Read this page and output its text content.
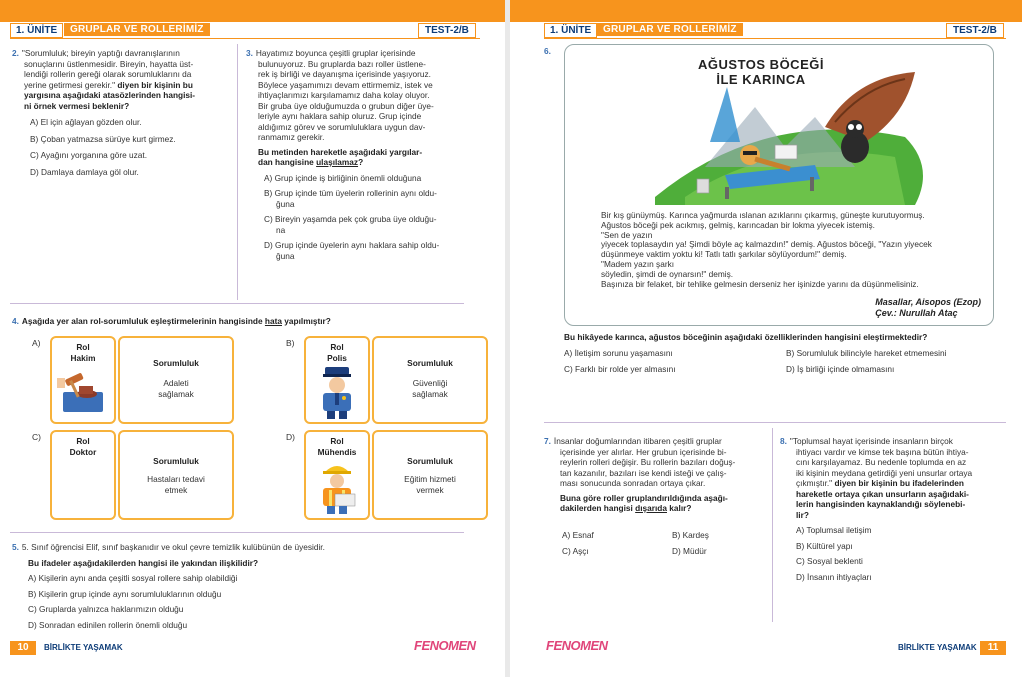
1. ÜNİTE	GRUPLAR VE ROLLERİMİZ	TEST-2/B
2. "Sorumluluk; bireyin yaptığı davranışlarının
sonuçlarını üstlenmesidir. Bireyin, hayatta üst-
lendiği rollerin gereği olarak sorumluklarını da
yerine getirmesi gerekir." diyen bir kişinin bu
yargısına aşağıdaki atasözlerinden hangisi-
ni örnek vermesi beklenir?
A) El için ağlayan gözden olur.
B) Çoban yatmazsa sürüye kurt girmez.
C) Ayağını yorganına göre uzat.
D) Damlaya damlaya göl olur.
3. Hayatımız boyunca çeşitli gruplar içerisinde
bulunuyoruz. Bu gruplarda bazı roller üstlene-
rek iş birliği ve dayanışma içerisinde yaşıyoruz.
Böylece yaşamımızı devam ettirmemiz, istek ve
ihtiyaçlarımızı karşılamamız daha kolay oluyor.
Bir gruba üye olduğumuzda o grubun diğer üye-
leriyle aynı haklara sahip oluruz. Grup içinde
aldığımız görev ve sorumluluklara uygun dav-
ranmamız gerekir.
Bu metinden hareketle aşağıdaki yargılar-
dan hangisine ulaşılamaz?
A) Grup içinde iş birliğinin önemli olduğuna
B) Grup içinde tüm üyelerin rollerinin aynı oldu-
ğuna
C) Bireyin yaşamda pek çok gruba üye olduğu-
na
D) Grup içinde üyelerin aynı haklara sahip oldu-
ğuna
4. Aşağıda yer alan rol-sorumluluk eşleştirmelerinin hangisinde hata yapılmıştır?
A)	Rol
Hakim	Sorumluluk
Adaleti
sağlamak
B)	Rol
Polis	Sorumluluk
Güvenliği
sağlamak
C)	Rol
Doktor
Sorumluluk
Hastaları tedavi
etmek
D)	Rol
Mühendis
Sorumluluk
Eğitim hizmeti
vermek
5. 5. Sınıf öğrencisi Elif, sınıf başkanıdır ve okul çevre temizlik kulübünün de üyesidir.
Bu ifadeler aşağıdakilerden hangisi ile yakından ilişkilidir?
A) Kişilerin aynı anda çeşitli sosyal rollere sahip olabildiği
B) Kişilerin grup içinde aynı sorumluluklarının olduğu
C) Gruplarda yalnızca haklarımızın olduğu
D) Sonradan edinilen rollerin önemli olduğu
10	BİRLİKTE YAŞAMAK	FENOMEN
1. ÜNİTE	GRUPLAR VE ROLLERİMİZ	TEST-2/B
6.
AĞUSTOS BÖCEĞİ
İLE KARINCA
Bir kış günüymüş. Karınca yağmurda ıslanan azıklarını çıkarmış, güneşte kurutuyormuş.
Ağustos böceği pek acıkmış, gelmiş, karıncadan bir lokma yiyecek istemiş.
"Sen de yazın
yiyecek toplasaydın ya! Şimdi böyle aç kalmazdın!" demiş. Ağustos böceği, "Yazın yiyecek
düşünmeye vaktim yoktu ki! Tatlı tatlı şarkılar söylüyordum!" demiş.
"Madem yazın şarkı
söyledin, şimdi de oynarsın!" demiş.
Başınıza bir felaket, bir tehlike gelmesin derseniz her işinizde yarını da düşünmelisiniz.
Masallar, Aisopos (Ezop)
Çev.: Nurullah Ataç
Bu hikâyede karınca, ağustos böceğinin aşağıdaki özelliklerinden hangisini eleştirmektedir?
A) İletişim sorunu yaşamasını	B) Sorumluluk bilinciyle hareket etmemesini
C) Farklı bir rolde yer almasını	D) İş birliği içinde olmamasını
7. İnsanlar doğumlarından itibaren çeşitli gruplar
içerisinde yer alırlar. Her grubun içerisinde bi-
reylerin rolleri değişir. Bu rollerin bazıları doğuş-
tan kazanılır, bazıları ise kendi isteği ve çalış-
ması sonucunda sonradan ortaya çıkar.
Buna göre roller gruplandırıldığında aşağı-
dakilerden hangisi dışarıda kalır?
A) Esnaf	B) Kardeş
C) Aşçı	D) Müdür
8. "Toplumsal hayat içerisinde insanların birçok
ihtiyacı vardır ve kimse tek başına bütün ihtiya-
cını karşılayamaz. Bu nedenle toplumda en az
iki kişinin meydana getirdiği yeni unsurlar ortaya
çıkmıştır." diyen bir kişinin bu ifadelerinden
hareketle ortaya çıkan unsurların aşağıdaki-
lerin hangisinden kaynaklandığı söylenebi-
lir?
A) Toplumsal iletişim
B) Kültürel yapı
C) Sosyal beklenti
D) İnsanın ihtiyaçları
FENOMEN	BİRLİKTE YAŞAMAK	11
